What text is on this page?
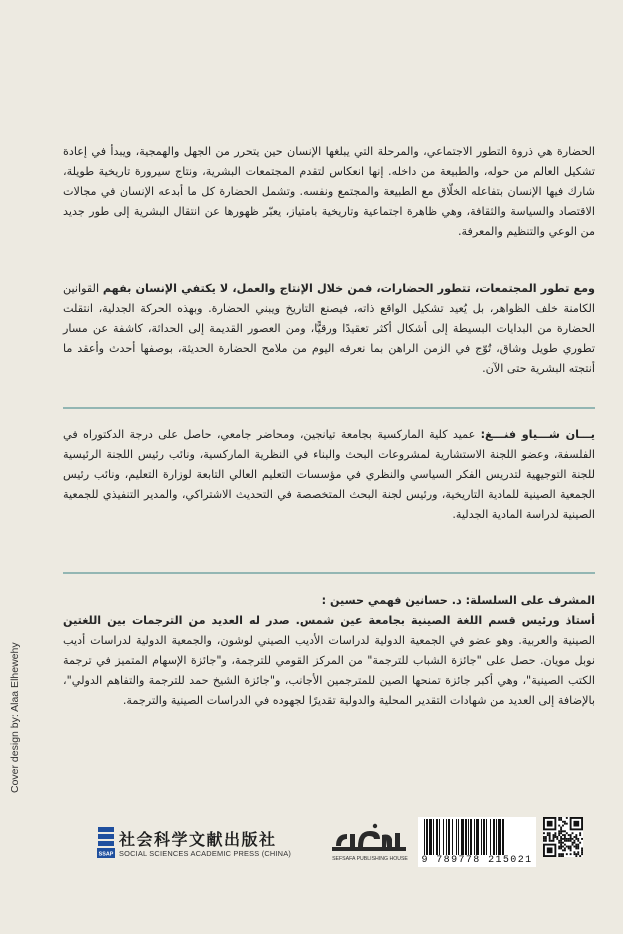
الحضارة هي ذروة التطور الاجتماعي، والمرحلة التي يبلغها الإنسان حين يتحرر من الجهل والهمجية، ويبدأ في إعادة تشكيل العالم من حوله، والطبيعة من داخله. إنها انعكاس لتقدم المجتمعات البشرية، ونتاج سيرورة تاريخية طويلة، شارك فيها الإنسان بتفاعله الخلّاق مع الطبيعة والمجتمع ونفسه. وتشمل الحضارة كل ما أبدعه الإنسان في مجالات الاقتصاد والسياسة والثقافة، وهي ظاهرة اجتماعية وتاريخية بامتياز، يعبّر ظهورها عن انتقال البشرية إلى طور جديد من الوعي والتنظيم والمعرفة.
ومع تطور المجتمعات، تتطور الحضارات، فمن خلال الإنتاج والعمل، لا يكتفي الإنسان بفهم القوانين الكامنة خلف الظواهر، بل يُعيد تشكيل الواقع ذاته، فيصنع التاريخ ويبني الحضارة. وبهذه الحركة الجدلية، انتقلت الحضارة من البدايات البسيطة إلى أشكال أكثر تعقيدًا ورقيًّا، ومن العصور القديمة إلى الحداثة، كاشفة عن مسار تطوري طويل وشاق، تُوّج في الزمن الراهن بما نعرفه اليوم من ملامح الحضارة الحديثة، بوصفها أحدث وأعقد ما أنتجته البشرية حتى الآن.
يـــان شـــياو فنـــغ: عميد كلية الماركسية بجامعة تيانجين، ومحاضر جامعي، حاصل على درجة الدكتوراه في الفلسفة، وعضو اللجنة الاستشارية لمشروعات البحث والبناء في النظرية الماركسية، ونائب رئيس اللجنة الرئيسية للجنة التوجيهية لتدريس الفكر السياسي والنظري في مؤسسات التعليم العالي التابعة لوزارة التعليم، ونائب رئيس الجمعية الصينية للمادية التاريخية، ورئيس لجنة البحث المتخصصة في التحديث الاشتراكي، والمدير التنفيذي للجمعية الصينية لدراسة المادية الجدلية.
المشرف على السلسلة: د. حسانين فهمي حسين :
أستاذ ورئيس قسم اللغة الصينية بجامعة عين شمس. صدر له العديد من الترجمات بين اللغتين الصينية والعربية. وهو عضو في الجمعية الدولية لدراسات الأديب الصيني لوشون، والجمعية الدولية لدراسات أديب نوبل مويان. حصل على "جائزة الشباب للترجمة" من المركز القومي للترجمة، و"جائزة الإسهام المتميز في ترجمة الكتب الصينية"، وهي أكبر جائزة تمنحها الصين للمترجمين الأجانب، و"جائزة الشيخ حمد للترجمة والتفاهم الدولي"، بالإضافة إلى العديد من شهادات التقدير المحلية والدولية تقديرًا لجهوده في الدراسات الصينية والترجمة.
Cover design by: Alaa Elhewehy
SSAP
社会科学文献出版社
SOCIAL SCIENCES ACADEMIC PRESS (CHINA)
SEFSAFA PUBLISHING HOUSE	9 789778 215021
